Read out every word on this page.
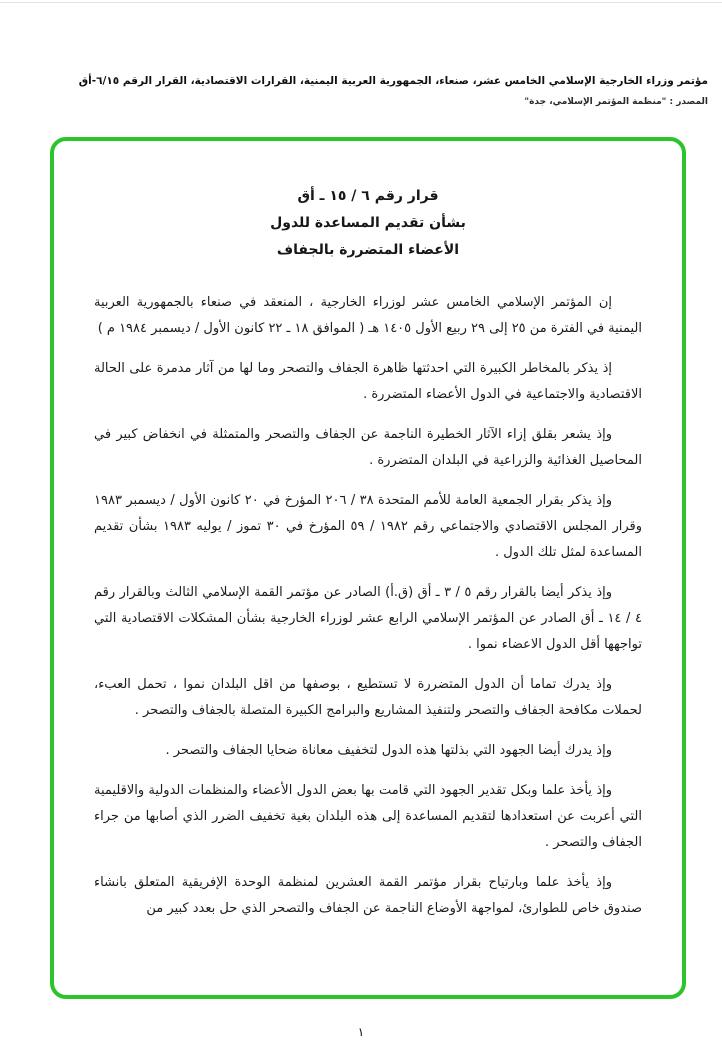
مؤتمر وزراء الخارجية الإسلامي الخامس عشر، صنعاء، الجمهورية العربية اليمنية، القرارات الاقتصادية، القرار الرقم ٦/١٥-أق
المصدر : "منظمة المؤتمر الإسلامي، جدة"
قرار رقم ٦ / ١٥ ـ أق
بشأن تقديم المساعدة للدول
الأعضاء المتضررة بالجفاف

إن المؤتمر الإسلامي الخامس عشر لوزراء الخارجية ، المنعقد في صنعاء بالجمهورية العربية اليمنية في الفترة من ٢٥ إلى ٢٩ ربيع الأول ١٤٠٥ هـ ( الموافق ١٨ ـ ٢٢ كانون الأول / ديسمبر ١٩٨٤ م )

إذ يذكر بالمخاطر الكبيرة التي احدثتها ظاهرة الجفاف والتصحر وما لها من آثار مدمرة على الحالة الاقتصادية والاجتماعية في الدول الأعضاء المتضررة .

وإذ يشعر بقلق إزاء الآثار الخطيرة الناجمة عن الجفاف والتصحر والمتمثلة في انخفاض كبير في المحاصيل الغذائية والزراعية في البلدان المتضررة .

وإذ يذكر بقرار الجمعية العامة للأمم المتحدة ٣٨ / ٢٠٦ المؤرخ في ٢٠ كانون الأول / ديسمبر ١٩٨٣ وقرار المجلس الاقتصادي والاجتماعي رقم ١٩٨٢ / ٥٩ المؤرخ في ٣٠ تموز / يوليه ١٩٨٣ بشأن تقديم المساعدة لمثل تلك الدول .

وإذ يذكر أيضا بالقرار رقم ٥ / ٣ ـ أق (ق.أ) الصادر عن مؤتمر القمة الإسلامي الثالث وبالقرار رقم ٤ / ١٤ ـ أق الصادر عن المؤتمر الإسلامي الرابع عشر لوزراء الخارجية بشأن المشكلات الاقتصادية التي تواجهها أقل الدول الاعضاء نموا .

وإذ يدرك تماما أن الدول المتضررة لا تستطيع ، بوصفها من اقل البلدان نموا ، تحمل العبء، لحملات مكافحة الجفاف والتصحر ولتنفيذ المشاريع والبرامج الكبيرة المتصلة بالجفاف والتصحر .

وإذ يدرك أيضا الجهود التي بذلتها هذه الدول لتخفيف معاناة ضحايا الجفاف والتصحر .

وإذ يأخذ علما وبكل تقدير الجهود التي قامت بها بعض الدول الأعضاء والمنظمات الدولية والاقليمية التي أعربت عن استعدادها لتقديم المساعدة إلى هذه البلدان بغية تخفيف الضرر الذي أصابها من جراء الجفاف والتصحر .

وإذ يأخذ علما وبارتياح بقرار مؤتمر القمة العشرين لمنظمة الوحدة الإفريقية المتعلق بانشاء صندوق خاص للطوارئ، لمواجهة الأوضاع الناجمة عن الجفاف والتصحر الذي حل بعدد كبير من

١
